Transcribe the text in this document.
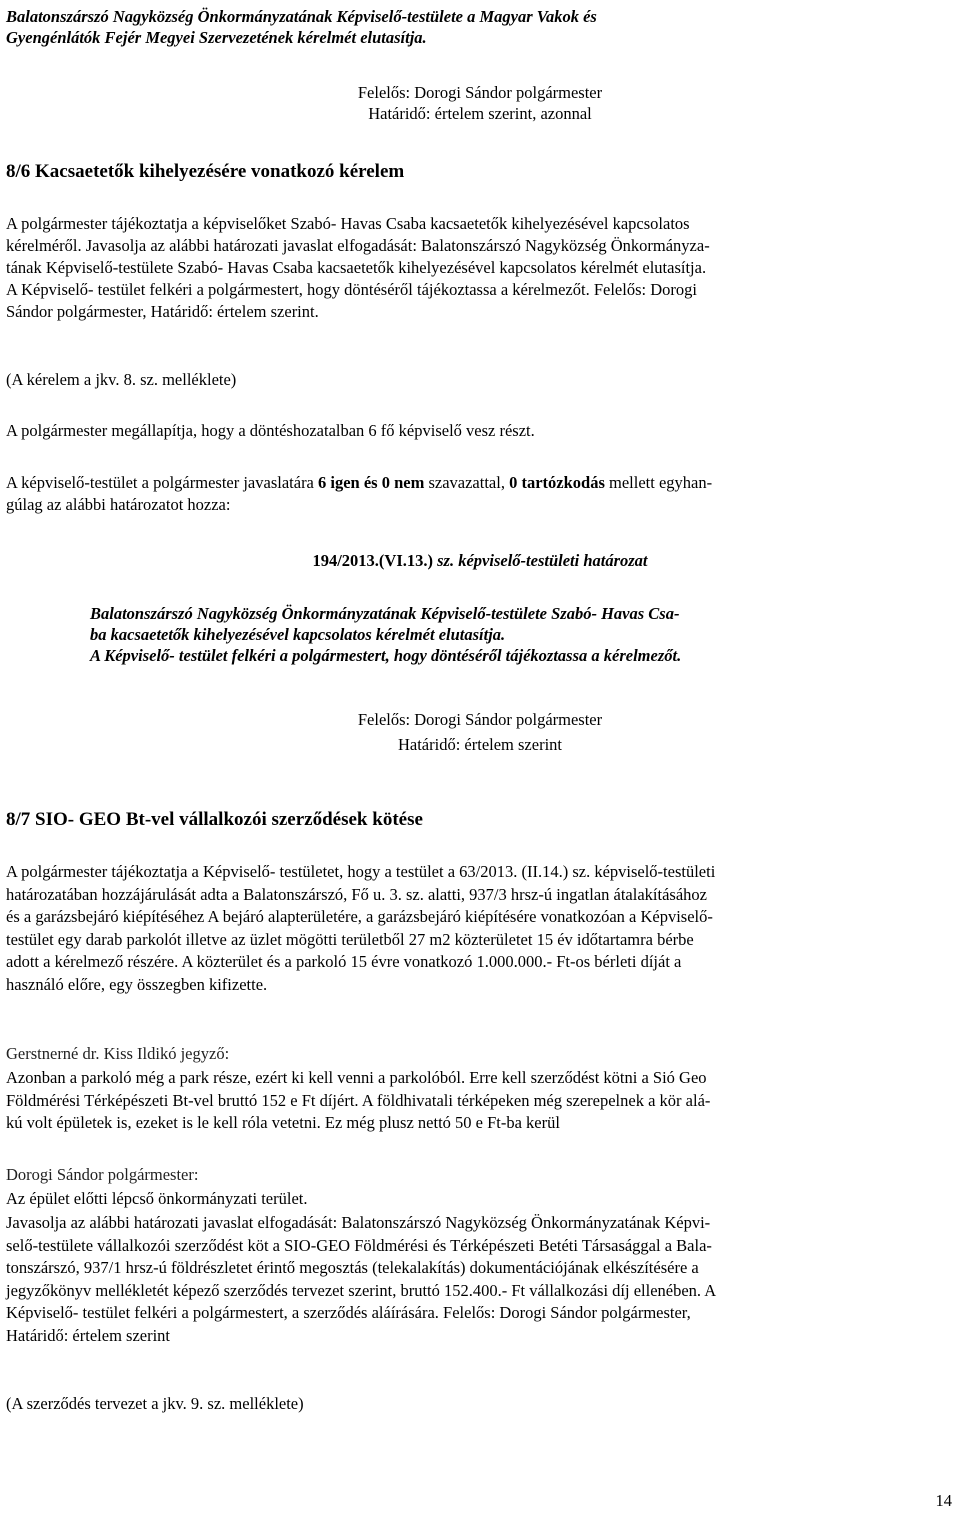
Balatonszárszó Nagyközség Önkormányzatának Képviselő-testülete a Magyar Vakok és
Gyengénlátók Fejér Megyei Szervezetének kérelmét elutasítja.
Felelős: Dorogi Sándor polgármester
Határidő: értelem szerint, azonnal
8/6 Kacsaetetők kihelyezésére vonatkozó kérelem
A polgármester tájékoztatja a képviselőket Szabó- Havas Csaba kacsaetetők kihelyezésével kapcsolatos
kérelméről. Javasolja az alábbi határozati javaslat elfogadását: Balatonszárszó Nagyközség Önkormányza-
tának Képviselő-testülete Szabó- Havas Csaba kacsaetetők kihelyezésével kapcsolatos kérelmét elutasítja.
A Képviselő- testület felkéri a polgármestert, hogy döntéséről tájékoztassa a kérelmezőt. Felelős: Dorogi
Sándor polgármester, Határidő: értelem szerint.
(A kérelem a jkv. 8. sz. melléklete)
A polgármester megállapítja, hogy a döntéshozatalban 6 fő képviselő vesz részt.
A képviselő-testület a polgármester javaslatára 6 igen és 0 nem szavazattal, 0 tartózkodás mellett egyhan-
gúlag az alábbi határozatot hozza:
194/2013.(VI.13.) sz. képviselő-testületi határozat
Balatonszárszó Nagyközség Önkormányzatának Képviselő-testülete Szabó- Havas Csa-
ba kacsaetetők kihelyezésével kapcsolatos kérelmét elutasítja.
A Képviselő- testület felkéri a polgármestert, hogy döntéséről tájékoztassa a kérelmezőt.
Felelős: Dorogi Sándor polgármester
Határidő: értelem szerint
8/7 SIO- GEO Bt-vel vállalkozói szerződések kötése
A polgármester tájékoztatja a Képviselő- testületet, hogy a testület a 63/2013. (II.14.) sz. képviselő-testületi
határozatában hozzájárulását adta a Balatonszárszó, Fő u. 3. sz. alatti, 937/3 hrsz-ú ingatlan átalakításához
és a garázsbejáró kiépítéséhez A bejáró alapterületére, a garázsbejáró kiépítésére vonatkozóan a Képviselő-
testület egy darab parkolót illetve az üzlet mögötti területből 27 m2 közterületet 15 év időtartamra bérbe
adott a kérelmező részére. A közterület és a parkoló 15 évre vonatkozó 1.000.000.- Ft-os bérleti díját a
használó előre, egy összegben kifizette.
Gerstnerné dr. Kiss Ildikó jegyző:
Azonban a parkoló még a park része, ezért ki kell venni a parkolóból. Erre kell szerződést kötni a Sió Geo
Földmérési Térképészeti Bt-vel bruttó 152 e Ft díjért. A földhivatali térképeken még szerepelnek a kör alá-
kú volt épületek is, ezeket is le kell róla vetetni. Ez még plusz nettó 50 e Ft-ba kerül
Dorogi Sándor polgármester:
Az épület előtti lépcső önkormányzati terület.
Javasolja az alábbi határozati javaslat elfogadását: Balatonszárszó Nagyközség Önkormányzatának Képvi-
selő-testülete vállalkozói szerződést köt a SIO-GEO Földmérési és Térképészeti Betéti Társasággal a Bala-
tonszárszó, 937/1 hrsz-ú földrészletet érintő megosztás (telekalakítás) dokumentációjának elkészítésére a
jegyzőkönyv mellékletét képező szerződés tervezet szerint, bruttó 152.400.- Ft vállalkozási díj ellenében. A
Képviselő- testület felkéri a polgármestert, a szerződés aláírására. Felelős: Dorogi Sándor polgármester,
Határidő: értelem szerint
(A szerződés tervezet a jkv. 9. sz. melléklete)
14
